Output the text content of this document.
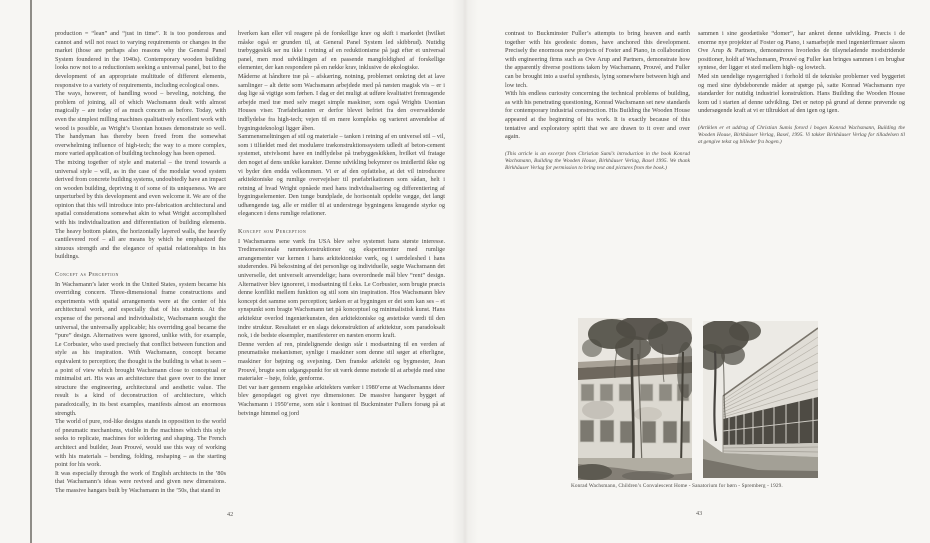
production = “lean” and “just in time”. It is too ponderous and cannot and will not react to varying requirements or changes in the market (those are perhaps also reasons why the General Panel System foundered in the 1940s). Contemporary wooden building looks now not to a reductionism seeking a universal panel, but to the development of an appropriate multitude of different elements, responsive to a variety of requirements, including ecological ones.

The ways, however, of handling wood – beveling, notching, the problem of joining, all of which Wachsmann dealt with almost magically – are today of as much concern as before. Today, with even the simplest milling machines qualitatively excellent work with wood is possible, as Wright’s Usonian houses demonstrate so well. The handyman has thereby been freed from the somewhat overwhelming influence of high-tech; the way to a more complex, more varied application of building technology has been opened.

The mixing together of style and material – the trend towards a universal style – will, as in the case of the modular wood system derived from concrete building systems, undoubtedly have an impact on wooden building, depriving it of some of its uniqueness. We are unperturbed by this development and even welcome it. We are of the opinion that this will introduce into pre-fabrication architectural and spatial considerations somewhat akin to what Wright accomplished with his individualization and differentiation of building elements. The heavy bottom plates, the horizontally layered walls, the heavily cantilevered roof – all are means by which he emphasized the sinuous strength and the elegance of spatial relationships in his buildings.

Concept as Perception

In Wachsmann’s later work in the United States, system became his overriding concern. Three-dimensional frame constructions and experiments with spatial arrangements were at the center of his architectural work, and especially that of his students. At the expense of the personal and individualistic, Wachsmann sought the universal, the universally applicable; his overriding goal became the “pure” design. Alternatives were ignored, unlike with, for example, Le Corbusier, who used precisely that conflict between function and style as his inspiration. With Wachsmann, concept became equivalent to perception; the thought is the building is what is seen – a point of view which brought Wachsmann close to conceptual or minimalist art. His was an architecture that gave over to the inner structure the engineering, architectural and aesthetic value. The result is a kind of deconstruction of architecture, which paradoxically, in its best examples, manifests almost an enormous strength.

The world of pure, rod-like designs stands in opposition to the world of pneumatic mechanisms, visible in the machines which this style seeks to replicate, machines for soldering and shaping. The French architect and builder, Jean Prouvé, would use this way of working with his materials – bending, folding, reshaping – as the starting point for his work.

It was especially through the work of English architects in the ’80s that Wachsmann’s ideas were revived and given new dimensions. The massive hangars built by Wachsmann in the ’50s, that stand in

hverken kan eller vil reagere på de forskellige krav og skift i markedet (hvilket måske også er grunden til, at General Panel System led skibbrud). Nutidig træbyggeskik ser nu ikke i retning af en reduktionisme på jagt efter et universal panel, men mod udviklingen af en passende mangfoldighed af forskellige elementer, der kan respondere på en række krav, inklusive de økologiske.

Måderne at håndtere træ på – afskæring, notning, problemet omkring det at lave samlinger – alt dette som Wachsmann arbejdede med på næsten magisk vis – er i dag lige så vigtige som førhen. I dag er det muligt at udføre kvalitativt fremragende arbejde med træ med selv meget simple maskiner, som også Wrights Usonian Houses viser. Træfabrikanten er derfor blevet befriet fra den overvældende indflydelse fra high-tech; vejen til en mere kompleks og varieret anvendelse af bygningsteknologi ligger åben.

Sammensmeltningen af stil og materiale – tanken i retning af en universel stil – vil, som i tilfældet med det modulære trækonstruktionssystem udledt af beton-cement systemet, utvivlsomt have en indflydelse på træbyggeskikken, hvilket vil fratage den noget af dens unikke karakter. Denne udvikling bekymrer os imidlertid ikke og vi byder den endda velkommen. Vi er af den opfattelse, at det vil introducere arkitektoniske og rumlige overvejelser til præfabrikationen som sådan, helt i retning af hvad Wright opnåede med hans individualisering og differentiering af bygningselementer. Den tunge bundplade, de horisontalt opdelte vægge, det langt udhængende tag, alle er midler til at understrege bygningens knugende styrke og elegancen i dens rumlige relationer.

Koncept som Perception

I Wachsmanns sene værk fra USA blev selve systemet hans største interesse. Tredimensionale rammekonstruktioner og eksperimenter med rumlige arrangementer var kernen i hans arkitektoniske værk, og i særdeleshed i hans studerendes. På bekostning af det personlige og individuelle, søgte Wachsmann det universelle, det universelt anvendelige; hans overordnede mål blev “rent” design. Alternativer blev ignoreret, i modsætning til f.eks. Le Corbusier, som brugte præcis denne konflikt mellem funktion og stil som sin inspiration. Hos Wachsmann blev koncept det samme som perception; tanken er at bygningen er det som kan ses – et synspunkt som bragte Wachsmann tæt på konceptuel og minimalistisk kunst. Hans arkitektur overlod ingeniørkunsten, den arkitektoniske og æstetiske værdi til den indre struktur. Resultatet er en slags dekonstruktion af arkitektur, som paradoksalt nok, i de bedste eksempler, manifesterer en næsten enorm kraft.

Denne verden af ren, pindelignende design står i modsætning til en verden af pneumatiske mekanismer, synlige i maskiner som denne stil søger at efterligne, maskiner for bøjning og svejsning. Den franske arkitekt og bygmester, Jean Prouvé, brugte som udgangspunkt for sit værk denne metode til at arbejde med sine materialer – bøje, folde, genforme.

Det var især gennem engelske arkitekters værker i 1980’erne at Wachsmanns ideer blev genopdaget og givet nye dimensioner. De massive hangarer bygget af Wachsmann i 1950’erne, som står i kontrast til Buckminster Fullers forsøg på at betvinge himmel og jord

42

contrast to Buckminster Fuller’s attempts to bring heaven and earth together with his geodesic domes, have anchored this development. Precisely the enormous new projects of Foster and Piano, in collaboration with engineering firms such as Ove Arup and Partners, demonstrate how the apparently diverse positions taken by Wachsmann, Prouvé, and Fuller can be brought into a useful synthesis, lying somewhere between high and low tech.

With his endless curiosity concerning the technical problems of building, as with his penetrating questioning, Konrad Wachsmann set new standards for contemporary industrial construction. His Building the Wooden House appeared at the beginning of his work. It is exactly because of this tentative and exploratory spirit that we are drawn to it over and over again.

(This article is an excerpt from Christian Sumi’s introduction in the book Konrad Wachsmann, Building the Wooden House, Birkhäuser Verlag, Basel 1995. We thank Birkhäuser Verlag for permission to bring text and pictures from the book.)

sammen i sine geodætiske “domer”, har ankret denne udvikling. Præcis i de enorme nye projekter af Foster og Piano, i samarbejde med ingeniørfirmaer såsom Ove Arup & Partners, demonstreres hvorledes de tilsyneladende modstridende positioner, holdt af Wachsmann, Prouvé og Fuller kan bringes sammen i en brugbar syntese, der ligger et sted mellem high- og lowtech.

Med sin uendelige nysgerrighed i forhold til de tekniske problemer ved byggeriet og med sine dybdeborende måder at spørge på, satte Konrad Wachsmann nye standarder for nutidig industriel konstruktion. Hans Building the Wooden House kom ud i starten af denne udvikling. Det er netop på grund af denne prøvende og undersøgende kraft at vi er tiltrukket af den igen og igen.

(Artiklen er et uddrag af Christian Sumis forord i bogen Konrad Wachsmann, Building the Wooden House, Birkhäuser Verlag, Basel, 1995. Vi takker Birkhäuser Verlag for tilladelsen til at gengive tekst og billeder fra bogen.)

Konrad Wachsmann, Children’s Convalescent Home - Sanatorium for børn - Spremberg - 1929.
43
